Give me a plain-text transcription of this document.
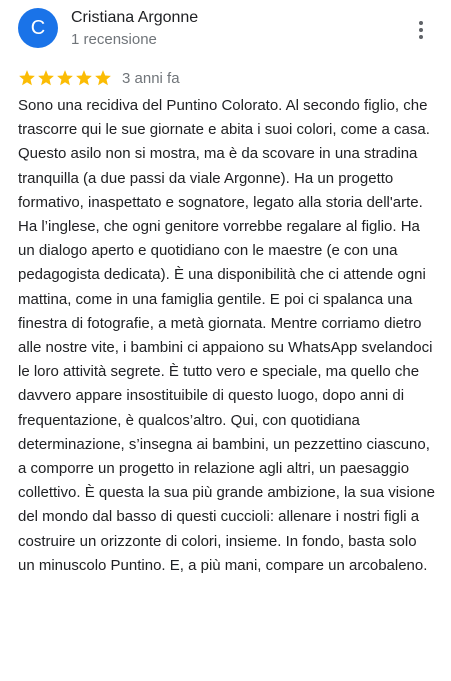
C	Cristiana Argonne
1 recensione
3 anni fa

Sono una recidiva del Puntino Colorato. Al secondo figlio, che trascorre qui le sue giornate e abita i suoi colori, come a casa. Questo asilo non si mostra, ma è da scovare in una stradina tranquilla (a due passi da viale Argonne). Ha un progetto formativo, inaspettato e sognatore, legato alla storia dell'arte. Ha l’inglese, che ogni genitore vorrebbe regalare al figlio. Ha un dialogo aperto e quotidiano con le maestre (e con una pedagogista dedicata). È una disponibilità che ci attende ogni mattina, come in una famiglia gentile. E poi ci spalanca una finestra di fotografie, a metà giornata. Mentre corriamo dietro alle nostre vite, i bambini ci appaiono su WhatsApp svelandoci le loro attività segrete. È tutto vero e speciale, ma quello che davvero appare insostituibile di questo luogo, dopo anni di frequentazione, è qualcos’altro. Qui, con quotidiana determinazione, s’insegna ai bambini, un pezzettino ciascuno, a comporre un progetto in relazione agli altri, un paesaggio collettivo. È questa la sua più grande ambizione, la sua visione del mondo dal basso di questi cuccioli: allenare i nostri figli a costruire un orizzonte di colori, insieme. In fondo, basta solo un minuscolo Puntino. E, a più mani, compare un arcobaleno.
